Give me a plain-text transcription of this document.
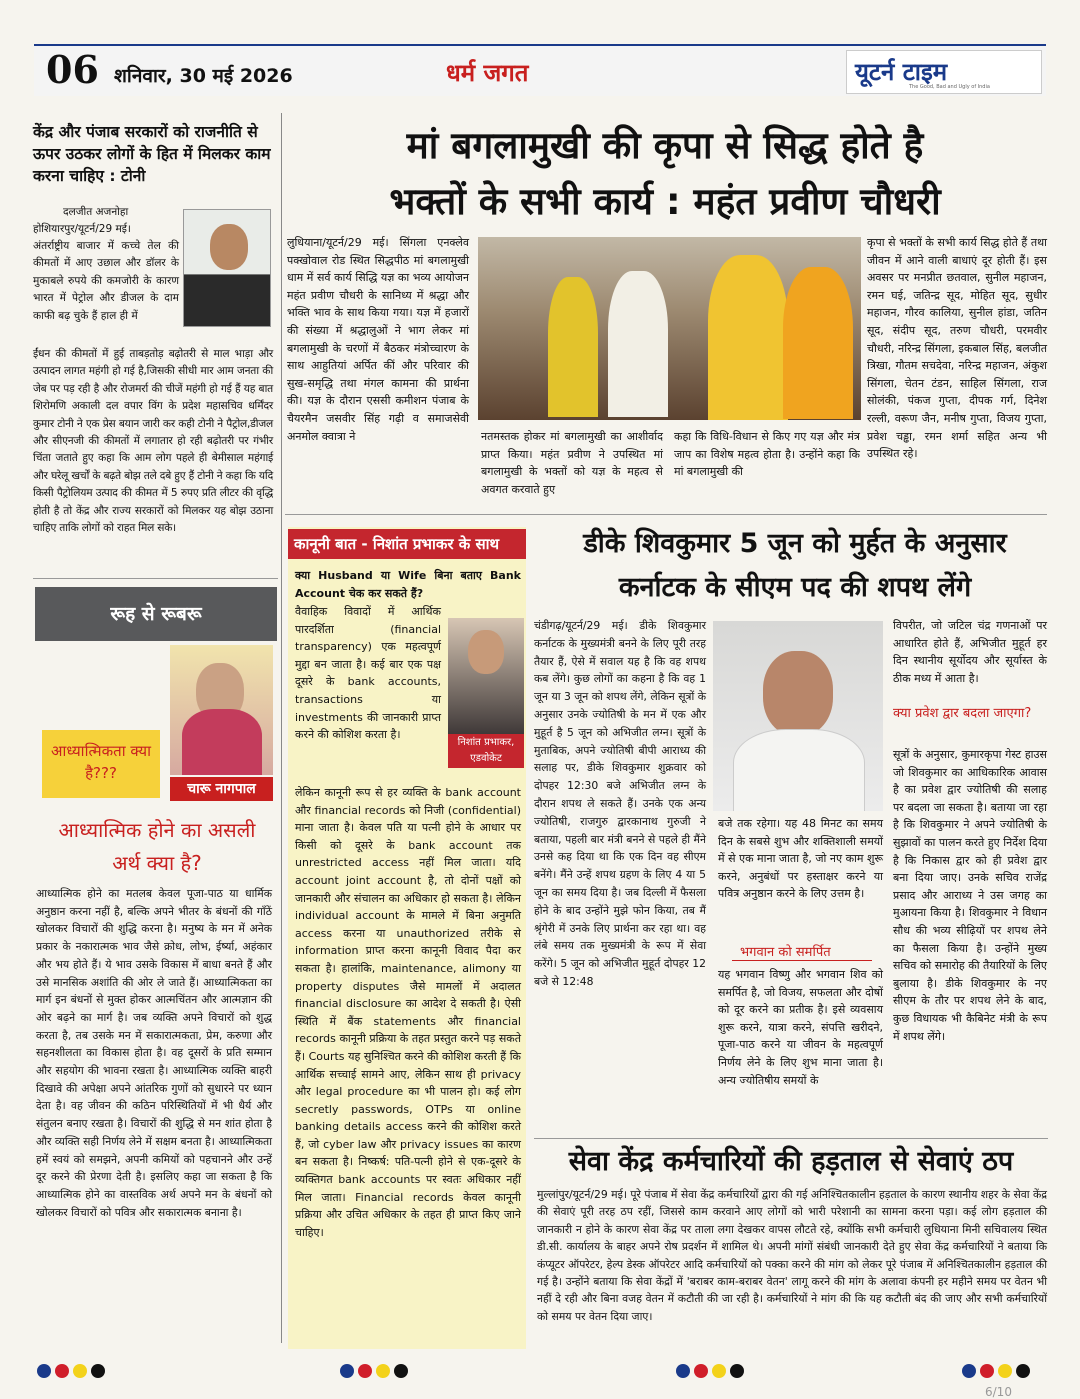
06 शनिवार, 30 मई 2026	धर्म जगत	यूटर्न टाइम
The Good, Bad and Ugly of India
केंद्र और पंजाब सरकारों को राजनीति से ऊपर उठकर लोगों के हित में मिलकर काम करना चाहिए : टोनी
दलजीत अजनोहा
होशियारपुर/यूटर्न/29 मई।

अंतर्राष्ट्रीय बाजार में कच्चे तेल की कीमतों में आए उछाल और डॉलर के मुकाबले रुपये की कमजोरी के कारण भारत में पेट्रोल और डीजल के दाम काफी बढ़ चुके हैं हाल ही में

ईंधन की कीमतों में हुई ताबड़तोड़ बढ़ोतरी से माल भाड़ा और उत्पादन लागत महंगी हो गई है,जिसकी सीधी मार आम जनता की जेब पर पड़ रही है और रोजमर्रा की चीजें महंगी हो गई हैं यह बात शिरोमणि अकाली दल वपार विंग के प्रदेश महासचिव धर्मिंदर कुमार टोनी ने एक प्रेस बयान जारी कर कही टोनी ने पैट्रोल,डीजल और सीएनजी की कीमतों में लगातार हो रही बढ़ोतरी पर गंभीर चिंता जताते हुए कहा कि आम लोग पहले ही बेमीसाल महंगाई और घरेलू खर्चों के बढ़ते बोझ तले दबे हुए हैं टोनी ने कहा कि यदि किसी पैट्रोलियम उत्पाद की कीमत में 5 रुपए प्रति लीटर की वृद्धि होती है तो केंद्र और राज्य सरकारों को मिलकर यह बोझ उठाना चाहिए ताकि लोगों को राहत मिल सके।

रूह से रूबरू
आध्यात्मिकता क्या है???
चारू नागपाल
आध्यात्मिक होने का असली अर्थ क्या है?

आध्यात्मिक होने का मतलब केवल पूजा-पाठ या धार्मिक अनुष्ठान करना नहीं है, बल्कि अपने भीतर के बंधनों की गाँठें खोलकर विचारों की शुद्धि करना है। मनुष्य के मन में अनेक प्रकार के नकारात्मक भाव जैसे क्रोध, लोभ, ईर्ष्या, अहंकार और भय होते हैं। ये भाव उसके विकास में बाधा बनते हैं और उसे मानसिक अशांति की ओर ले जाते हैं। आध्यात्मिकता का मार्ग इन बंधनों से मुक्त होकर आत्मचिंतन और आत्मज्ञान की ओर बढ़ने का मार्ग है। जब व्यक्ति अपने विचारों को शुद्ध करता है, तब उसके मन में सकारात्मकता, प्रेम, करुणा और सहनशीलता का विकास होता है। वह दूसरों के प्रति सम्मान और सहयोग की भावना रखता है। आध्यात्मिक व्यक्ति बाहरी दिखावे की अपेक्षा अपने आंतरिक गुणों को सुधारने पर ध्यान देता है। वह जीवन की कठिन परिस्थितियों में भी धैर्य और संतुलन बनाए रखता है। विचारों की शुद्धि से मन शांत होता है और व्यक्ति सही निर्णय लेने में सक्षम बनता है। आध्यात्मिकता हमें स्वयं को समझने, अपनी कमियों को पहचानने और उन्हें दूर करने की प्रेरणा देती है। इसलिए कहा जा सकता है कि आध्यात्मिक होने का वास्तविक अर्थ अपने मन के बंधनों को खोलकर विचारों को पवित्र और सकारात्मक बनाना है।

मां बगलामुखी की कृपा से सिद्ध होते है
भक्तों के सभी कार्य : महंत प्रवीण चौधरी

लुधियाना/यूटर्न/29 मई। सिंगला एनक्लेव पक्खोवाल रोड स्थित सिद्धपीठ मां बगलामुखी धाम में सर्व कार्य सिद्धि यज्ञ का भव्य आयोजन महंत प्रवीण चौधरी के सानिध्य में श्रद्धा और भक्ति भाव के साथ किया गया। यज्ञ में हजारों की संख्या में श्रद्धालुओं ने भाग लेकर मां बगलामुखी के चरणों में बैठकर मंत्रोच्चारण के साथ आहुतियां अर्पित कीं और परिवार की सुख-समृद्धि तथा मंगल कामना की प्रार्थना की। यज्ञ के दौरान एससी कमीशन पंजाब के चैयरमैन जसवीर सिंह गढ़ी व समाजसेवी अनमोल क्वात्रा ने	नतमस्तक होकर मां बगलामुखी का आशीर्वाद प्राप्त किया। महंत प्रवीण ने उपस्थित मां बगलामुखी के भक्तों को यज्ञ के महत्व से अवगत करवाते हुए

कहा कि विधि-विधान से किए गए यज्ञ और मंत्र जाप का विशेष महत्व होता है। उन्होंने कहा कि मां बगलामुखी की

कृपा से भक्तों के सभी कार्य सिद्ध होते हैं तथा जीवन में आने वाली बाधाएं दूर होती हैं। इस अवसर पर मनप्रीत छतवाल, सुनील महाजन, रमन घई, जतिन्द्र सूद, मोहित सूद, सुधीर महाजन, गौरव कालिया, सुनील हांडा, जतिन सूद, संदीप सूद, तरुण चौधरी, परमवीर चौधरी, नरिन्द्र सिंगला, इकबाल सिंह, बलजीत त्रिखा, गौतम सचदेवा, नरिन्द्र महाजन, अंकुश सिंगला, चेतन टंडन, साहिल सिंगला, राज सोलंकी, पंकज गुप्ता, दीपक गर्ग, दिनेश रल्ली, वरूण जैन, मनीष गुप्ता, विजय गुप्ता, प्रवेश चड्ढा, रमन शर्मा सहित अन्य भी उपस्थित रहे।

कानूनी बात - निशांत प्रभाकर के साथ

क्या Husband या Wife बिना बताए Bank Account चेक कर सकते हैं?

वैवाहिक विवादों में आर्थिक पारदर्शिता (financial transparency) एक महत्वपूर्ण मुद्दा बन जाता है। कई बार एक पक्ष दूसरे के bank accounts, transactions या investments की जानकारी प्राप्त करने की कोशिश करता है।

निशांत प्रभाकर, एडवोकेट

लेकिन कानूनी रूप से हर व्यक्ति के bank account और financial records को निजी (confidential) माना जाता है। केवल पति या पत्नी होने के आधार पर किसी को दूसरे के bank account तक unrestricted access नहीं मिल जाता। यदि account joint account है, तो दोनों पक्षों को जानकारी और संचालन का अधिकार हो सकता है। लेकिन individual account के मामले में बिना अनुमति access करना या unauthorized तरीके से information प्राप्त करना कानूनी विवाद पैदा कर सकता है। हालांकि, maintenance, alimony या property disputes जैसे मामलों में अदालत financial disclosure का आदेश दे सकती है। ऐसी स्थिति में बैंक statements और financial records कानूनी प्रक्रिया के तहत प्रस्तुत करने पड़ सकते हैं। Courts यह सुनिश्चित करने की कोशिश करती हैं कि आर्थिक सच्चाई सामने आए, लेकिन साथ ही privacy और legal procedure का भी पालन हो। कई लोग secretly passwords, OTPs या online banking details access करने की कोशिश करते हैं, जो cyber law और privacy issues का कारण बन सकता है। निष्कर्ष: पति-पत्नी होने से एक-दूसरे के व्यक्तिगत bank accounts पर स्वतः अधिकार नहीं मिल जाता। Financial records केवल कानूनी प्रक्रिया और उचित अधिकार के तहत ही प्राप्त किए जाने चाहिए।

डीके शिवकुमार 5 जून को मुर्हत के अनुसार
कर्नाटक के सीएम पद की शपथ लेंगे

चंडीगढ़/यूटर्न/29 मई। डीके शिवकुमार कर्नाटक के मुख्यमंत्री बनने के लिए पूरी तरह तैयार हैं, ऐसे में सवाल यह है कि वह शपथ कब लेंगे। कुछ लोगों का कहना है कि वह 1 जून या 3 जून को शपथ लेंगे, लेकिन सूत्रों के अनुसार उनके ज्योतिषी के मन में एक और मुहूर्त है 5 जून को अभिजीत लग्न। सूत्रों के मुताबिक, अपने ज्योतिषी बीपी आराध्य की सलाह पर, डीके शिवकुमार शुक्रवार को दोपहर 12:30 बजे अभिजीत लग्न के दौरान शपथ ले सकते हैं। उनके एक अन्य ज्योतिषी, राजगुरु द्वारकानाथ गुरुजी ने बताया, पहली बार मंत्री बनने से पहले ही मैंने उनसे कह दिया था कि एक दिन वह सीएम बनेंगे। मैंने उन्हें शपथ ग्रहण के लिए 4 या 5 जून का समय दिया है। जब दिल्ली में फैसला होने के बाद उन्होंने मुझे फोन किया, तब मैं श्रृंगेरी में उनके लिए प्रार्थना कर रहा था। वह लंबे समय तक मुख्यमंत्री के रूप में सेवा करेंगे। 5 जून को अभिजीत मुहूर्त दोपहर 12 बजे से 12:48

बजे तक रहेगा। यह 48 मिनट का समय दिन के सबसे शुभ और शक्तिशाली समयों में से एक माना जाता है, जो नए काम शुरू करने, अनुबंधों पर हस्ताक्षर करने या पवित्र अनुष्ठान करने के लिए उत्तम है।

भगवान को समर्पित

यह भगवान विष्णु और भगवान शिव को समर्पित है, जो विजय, सफलता और दोषों को दूर करने का प्रतीक है। इसे व्यवसाय शुरू करने, यात्रा करने, संपत्ति खरीदने, पूजा-पाठ करने या जीवन के महत्वपूर्ण निर्णय लेने के लिए शुभ माना जाता है। अन्य ज्योतिषीय समयों के

विपरीत, जो जटिल चंद्र गणनाओं पर आधारित होते हैं, अभिजीत मुहूर्त हर दिन स्थानीय सूर्योदय और सूर्यास्त के ठीक मध्य में आता है।

क्या प्रवेश द्वार बदला जाएगा?

सूत्रों के अनुसार, कुमारकृपा गेस्ट हाउस जो शिवकुमार का आधिकारिक आवास है का प्रवेश द्वार ज्योतिषी की सलाह पर बदला जा सकता है। बताया जा रहा है कि शिवकुमार ने अपने ज्योतिषी के सुझावों का पालन करते हुए निर्देश दिया है कि निकास द्वार को ही प्रवेश द्वार बना दिया जाए। उनके सचिव राजेंद्र प्रसाद और आराध्य ने उस जगह का मुआयना किया है। शिवकुमार ने विधान सौध की भव्य सीढ़ियों पर शपथ लेने का फैसला किया है। उन्होंने मुख्य सचिव को समारोह की तैयारियों के लिए बुलाया है। डीके शिवकुमार के नए सीएम के तौर पर शपथ लेने के बाद, कुछ विधायक भी कैबिनेट मंत्री के रूप में शपथ लेंगे।

सेवा केंद्र कर्मचारियों की हड़ताल से सेवाएं ठप

मुल्लांपुर/यूटर्न/29 मई। पूरे पंजाब में सेवा केंद्र कर्मचारियों द्वारा की गई अनिश्चितकालीन हड़ताल के कारण स्थानीय शहर के सेवा केंद्र की सेवाएं पूरी तरह ठप रहीं, जिससे काम करवाने आए लोगों को भारी परेशानी का सामना करना पड़ा। कई लोग हड़ताल की जानकारी न होने के कारण सेवा केंद्र पर ताला लगा देखकर वापस लौटते रहे, क्योंकि सभी कर्मचारी लुधियाना मिनी सचिवालय स्थित डी.सी. कार्यालय के बाहर अपने रोष प्रदर्शन में शामिल थे। अपनी मांगों संबंधी जानकारी देते हुए सेवा केंद्र कर्मचारियों ने बताया कि कंप्यूटर ऑपरेटर, हेल्प डेस्क ऑपरेटर आदि कर्मचारियों को पक्का करने की मांग को लेकर पूरे पंजाब में अनिश्चितकालीन हड़ताल की गई है। उन्होंने बताया कि सेवा केंद्रों में 'बराबर काम-बराबर वेतन' लागू करने की मांग के अलावा कंपनी हर महीने समय पर वेतन भी नहीं दे रही और बिना वजह वेतन में कटौती की जा रही है। कर्मचारियों ने मांग की कि यह कटौती बंद की जाए और सभी कर्मचारियों को समय पर वेतन दिया जाए।

6/10
